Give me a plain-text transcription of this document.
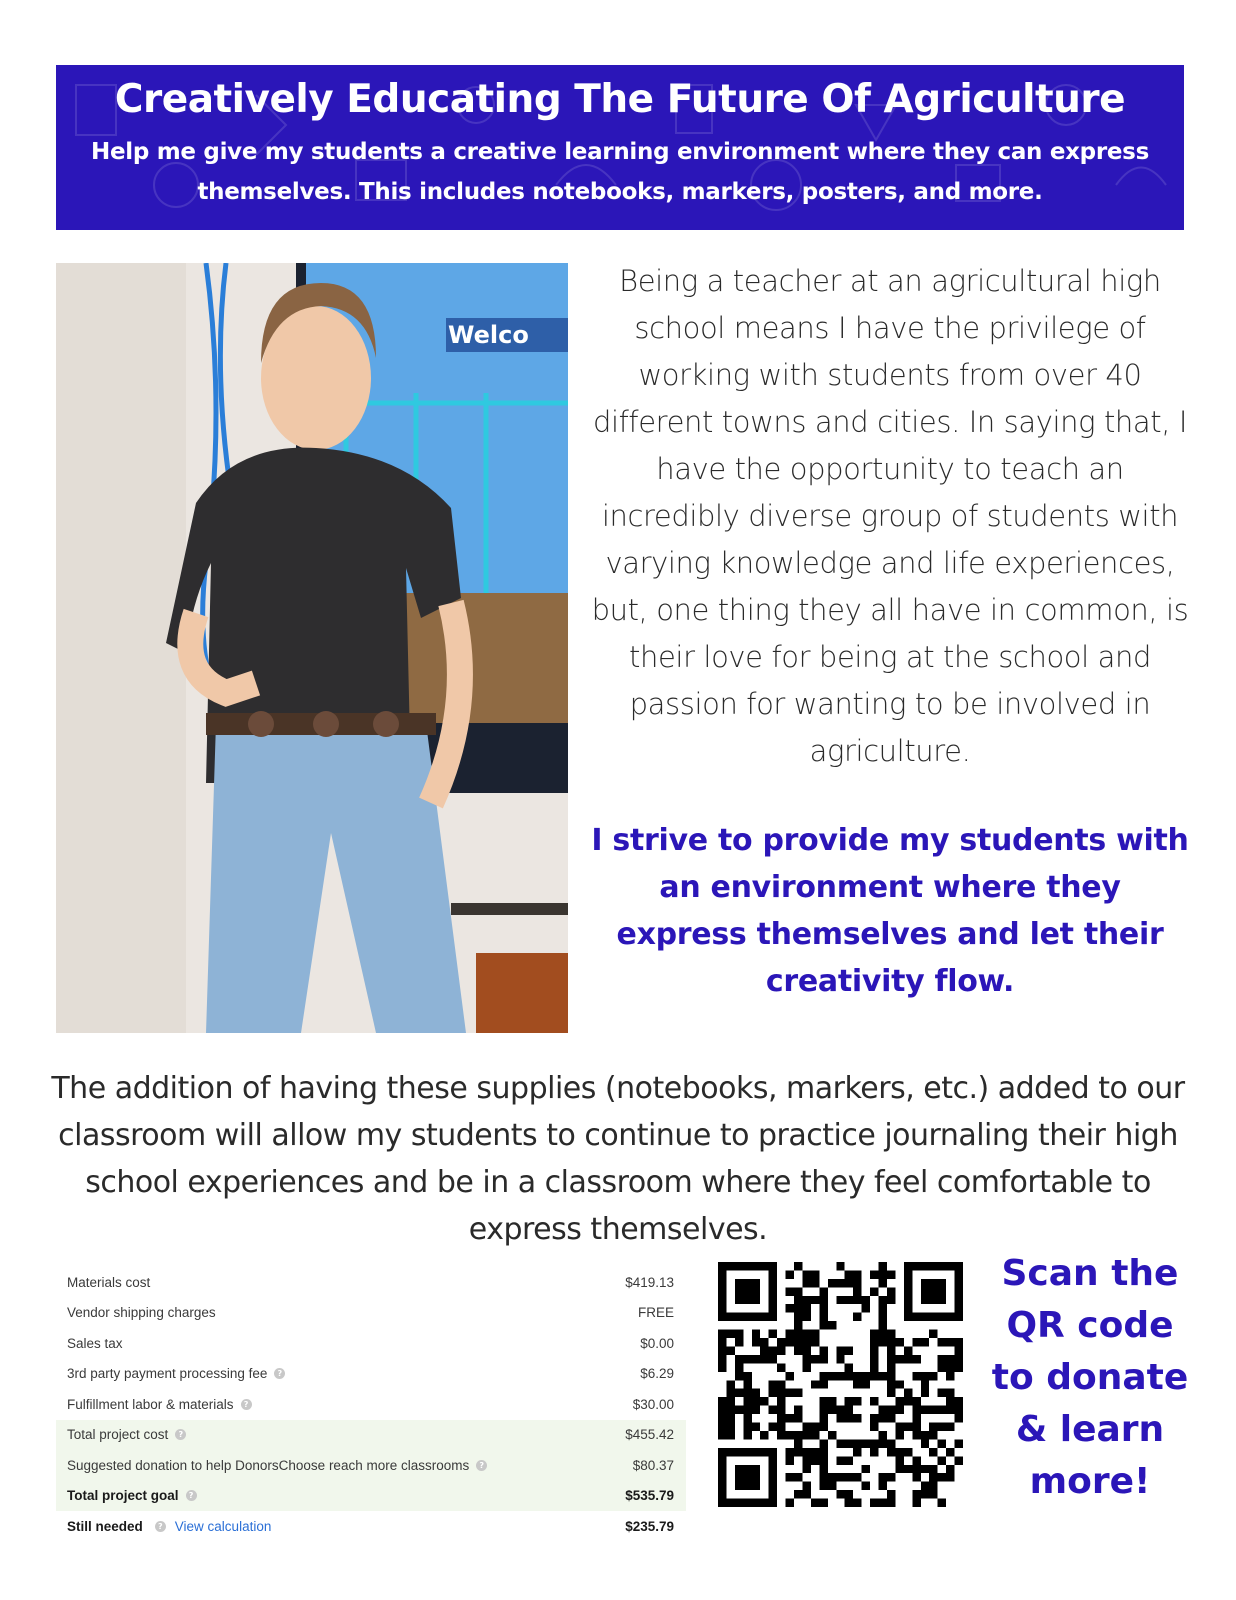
Creatively Educating The Future Of Agriculture

Help me give my students a creative learning environment where they can express themselves. This includes notebooks, markers, posters, and more.

Welco
Being a teacher at an agricultural high school means I have the privilege of working with students from over 40 different towns and cities. In saying that, I have the opportunity to teach an incredibly diverse group of students with varying knowledge and life experiences, but, one thing they all have in common, is their love for being at the school and passion for wanting to be involved in agriculture.
I strive to provide my students with an environment where they express themselves and let their creativity flow.
The addition of having these supplies (notebooks, markers, etc.) added to our classroom will allow my students to continue to practice journaling their high school experiences and be in a classroom where they feel comfortable to express themselves.
Materials cost	$419.13
Vendor shipping charges	FREE
Sales tax	$0.00
3rd party payment processing fee	?	$6.29
Fulfillment labor & materials	?	$30.00
Total project cost	?	$455.42
Suggested donation to help DonorsChoose reach more classrooms	?	$80.37
Total project goal	?	$535.79
Still needed	? View calculation	$235.79
Scan the
QR code
to donate
& learn
more!
